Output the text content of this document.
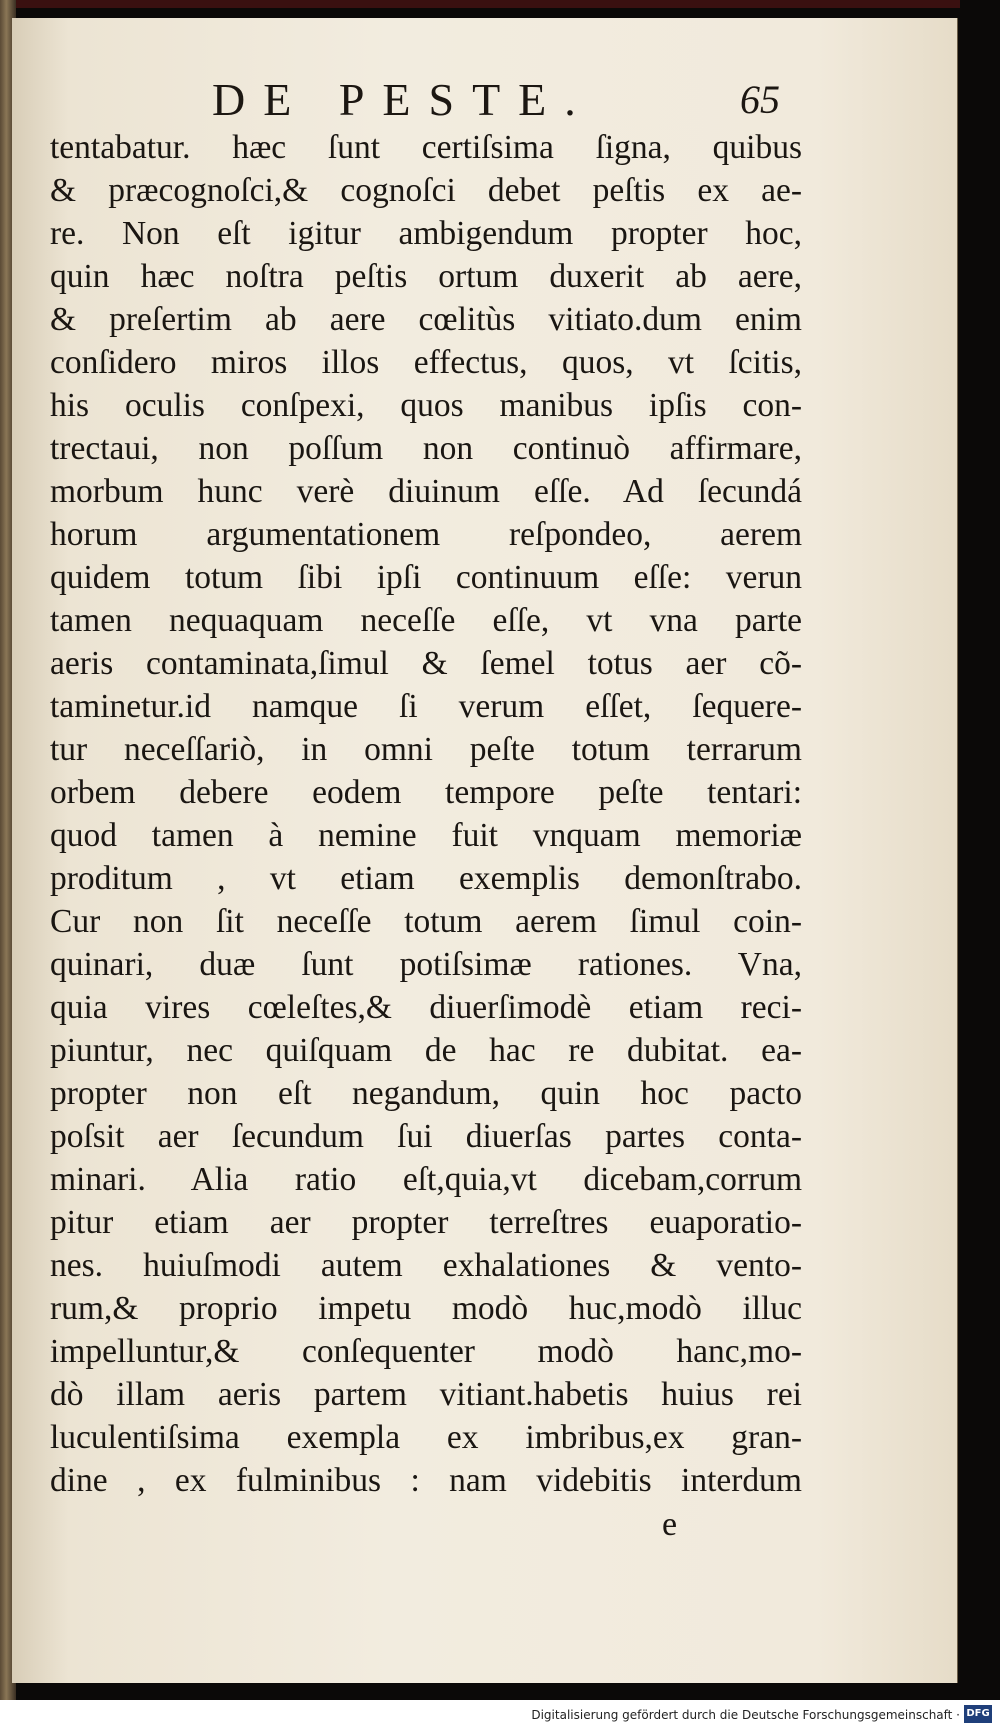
DE PESTE.	65
tentabatur. hæc ſunt certiſsima ſigna, quibus
& præcognoſci,& cognoſci debet peſtis ex ae-
re. Non eſt igitur ambigendum propter hoc,
quin hæc noſtra peſtis ortum duxerit ab aere,
& preſertim ab aere cœlitùs vitiato.dum enim
conſidero miros illos effectus, quos, vt ſcitis,
his oculis conſpexi, quos manibus ipſis con-
trectaui, non poſſum non continuò affirmare,
morbum hunc verè diuinum eſſe. Ad ſecundá
horum argumentationem reſpondeo, aerem
quidem totum ſibi ipſi continuum eſſe: verun
tamen nequaquam neceſſe eſſe, vt vna parte
aeris contaminata,ſimul & ſemel totus aer cõ-
taminetur.id namque ſi verum eſſet, ſequere-
tur neceſſariò, in omni peſte totum terrarum
orbem debere eodem tempore peſte tentari:
quod tamen à nemine fuit vnquam memoriæ
proditum , vt etiam exemplis demonſtrabo.
Cur non ſit neceſſe totum aerem ſimul coin-
quinari, duæ ſunt potiſsimæ rationes. Vna,
quia vires cœleſtes,& diuerſimodè etiam reci-
piuntur, nec quiſquam de hac re dubitat. ea-
propter non eſt negandum, quin hoc pacto
poſsit aer ſecundum ſui diuerſas partes conta-
minari. Alia ratio eſt,quia,vt dicebam,corrum
pitur etiam aer propter terreſtres euaporatio-
nes. huiuſmodi autem exhalationes & vento-
rum,& proprio impetu modò huc,modò illuc
impelluntur,& conſequenter modò hanc,mo-
dò illam aeris partem vitiant.habetis huius rei
luculentiſsima exempla ex imbribus,ex gran-
dine , ex fulminibus : nam videbitis interdum
e
Digitalisierung gefördert durch die Deutsche Forschungsgemeinschaft · DFG
